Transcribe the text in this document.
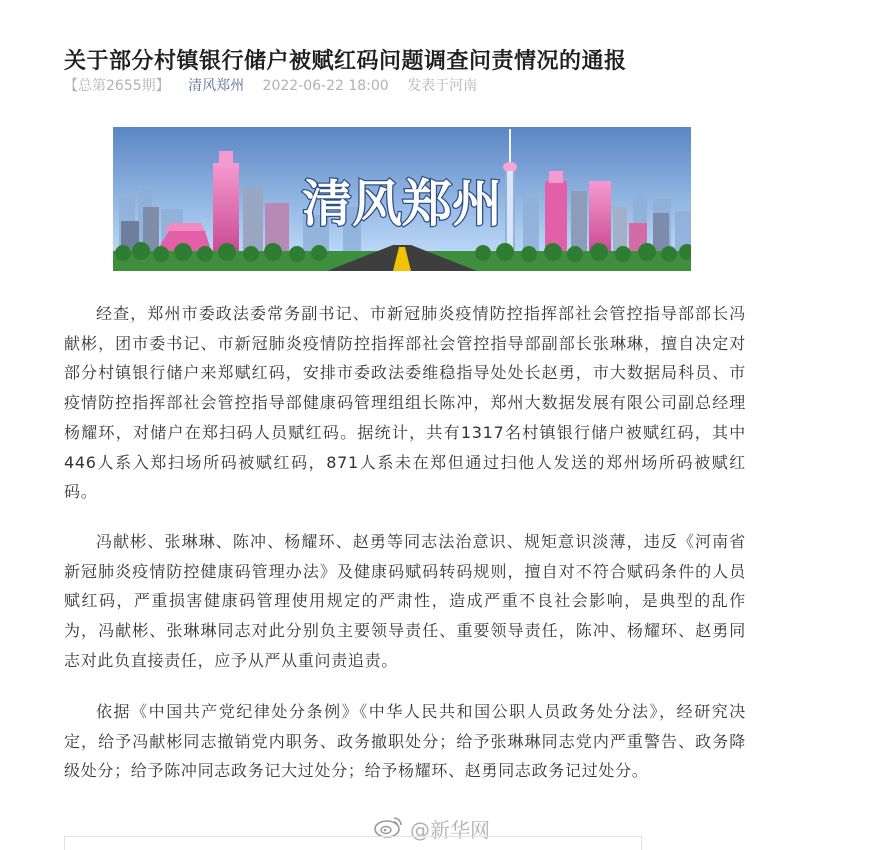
关于部分村镇银行储户被赋红码问题调查问责情况的通报
【总第2655期】 清风郑州 2022-06-22 18:00 发表于河南
清风郑州

经查，郑州市委政法委常务副书记、市新冠肺炎疫情防控指挥部社会管控指导部部长冯献彬，团市委书记、市新冠肺炎疫情防控指挥部社会管控指导部副部长张琳琳，擅自决定对部分村镇银行储户来郑赋红码，安排市委政法委维稳指导处处长赵勇，市大数据局科员、市疫情防控指挥部社会管控指导部健康码管理组组长陈冲，郑州大数据发展有限公司副总经理杨耀环，对储户在郑扫码人员赋红码。据统计，共有1317名村镇银行储户被赋红码，其中446人系入郑扫场所码被赋红码，871人系未在郑但通过扫他人发送的郑州场所码被赋红码。

冯献彬、张琳琳、陈冲、杨耀环、赵勇等同志法治意识、规矩意识淡薄，违反《河南省新冠肺炎疫情防控健康码管理办法》及健康码赋码转码规则，擅自对不符合赋码条件的人员赋红码，严重损害健康码管理使用规定的严肃性，造成严重不良社会影响，是典型的乱作为，冯献彬、张琳琳同志对此分别负主要领导责任、重要领导责任，陈冲、杨耀环、赵勇同志对此负直接责任，应予从严从重问责追责。

依据《中国共产党纪律处分条例》《中华人民共和国公职人员政务处分法》，经研究决定，给予冯献彬同志撤销党内职务、政务撤职处分；给予张琳琳同志党内严重警告、政务降级处分；给予陈冲同志政务记大过处分；给予杨耀环、赵勇同志政务记过处分。

@新华网
